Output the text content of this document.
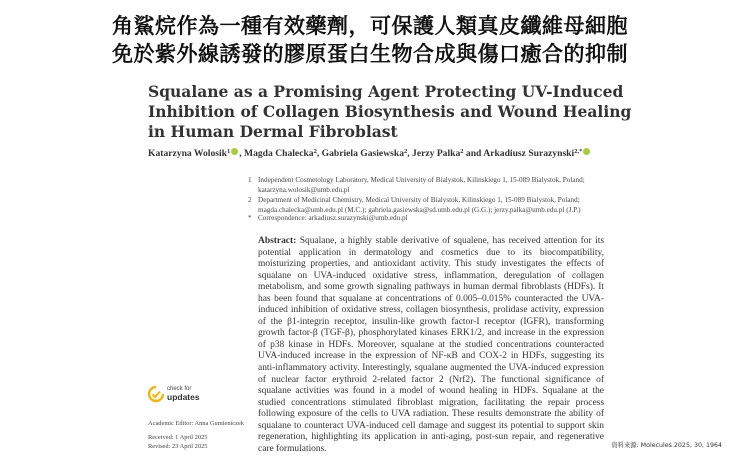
角鯊烷作為一種有效藥劑，可保護人類真皮纖維母細胞
免於紫外線誘發的膠原蛋白生物合成與傷口癒合的抑制
Squalane as a Promising Agent Protecting UV-Induced Inhibition of Collagen Biosynthesis and Wound Healing in Human Dermal Fibroblast
Katarzyna Wolosik$^1$ , Magda Chalecka$^2$, Gabriela Gasiewska$^2$, Jerzy Palka$^2$ and Arkadiusz Surazynski$^{2,*}$
1 Independent Cosmetology Laboratory, Medical University of Bialystok, Kilinskiego 1, 15-089 Bialystok, Poland; katarzyna.wolosik@umb.edu.pl
2 Department of Medicinal Chemistry, Medical University of Bialystok, Kilinskiego 1, 15-089 Bialystok, Poland; magda.chalecka@umb.edu.pl (M.C.); gabriela.gasiewska@sd.umb.edu.pl (G.G.); jerzy.palka@umb.edu.pl (J.P.)
* Correspondence: arkadiusz.surazynski@umb.edu.pl
Abstract: Squalane, a highly stable derivative of squalene, has received attention for its potential application in dermatology and cosmetics due to its biocompatibility, moisturizing properties, and antioxidant activity. This study investigates the effects of squalane on UVA-induced oxidative stress, inflammation, deregulation of collagen metabolism, and some growth signaling pathways in human dermal fibroblasts (HDFs). It has been found that squalane at concentrations of 0.005–0.015% counteracted the UVA-induced inhibition of oxidative stress, collagen biosynthesis, prolidase activity, expression of the β1-integrin receptor, insulin-like growth factor-I receptor (IGFR), transforming growth factor-β (TGF-β), phosphorylated kinases ERK1/2, and increase in the expression of p38 kinase in HDFs. Moreover, squalane at the studied concentrations counteracted UVA-induced increase in the expression of NF-κB and COX-2 in HDFs, suggesting its anti-inflammatory activity. Interestingly, squalane augmented the UVA-induced expression of nuclear factor erythroid 2-related factor 2 (Nrf2). The functional significance of squalane activities was found in a model of wound healing in HDFs. Squalane at the studied concentrations stimulated fibroblast migration, facilitating the repair process following exposure of the cells to UVA radiation. These results demonstrate the ability of squalane to counteract UVA-induced cell damage and suggest its potential to support skin regeneration, highlighting its application in anti-aging, post-sun repair, and regenerative care formulations.
check for
updates
Academic Editor: Anna Gumieniczek
Received: 1 April 2025
Revised: 23 April 2025	資料來源: Molecules 2025, 30, 1964
